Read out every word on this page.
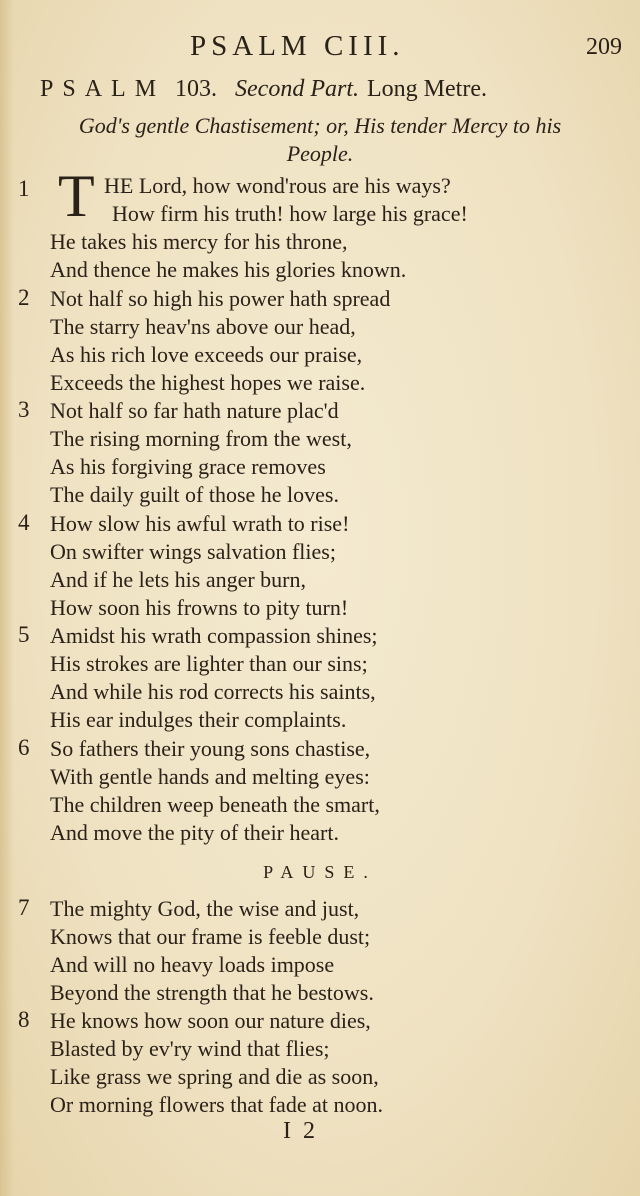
PSALM CIII.	209
PSALM 103. Second Part. Long Metre.
God's gentle Chastisement; or, His tender Mercy to his
People.
1 T HE Lord, how wond'rous are his ways?
How firm his truth! how large his grace!
He takes his mercy for his throne,
And thence he makes his glories known.
2 Not half so high his power hath spread
The starry heav'ns above our head,
As his rich love exceeds our praise,
Exceeds the highest hopes we raise.
3 Not half so far hath nature plac'd
The rising morning from the west,
As his forgiving grace removes
The daily guilt of those he loves.
4 How slow his awful wrath to rise!
On swifter wings salvation flies;
And if he lets his anger burn,
How soon his frowns to pity turn!
5 Amidst his wrath compassion shines;
His strokes are lighter than our sins;
And while his rod corrects his saints,
His ear indulges their complaints.
6 So fathers their young sons chastise,
With gentle hands and melting eyes:
The children weep beneath the smart,
And move the pity of their heart.
PAUSE.
7 The mighty God, the wise and just,
Knows that our frame is feeble dust;
And will no heavy loads impose
Beyond the strength that he bestows.
8 He knows how soon our nature dies,
Blasted by ev'ry wind that flies;
Like grass we spring and die as soon,
Or morning flowers that fade at noon.
I 2
